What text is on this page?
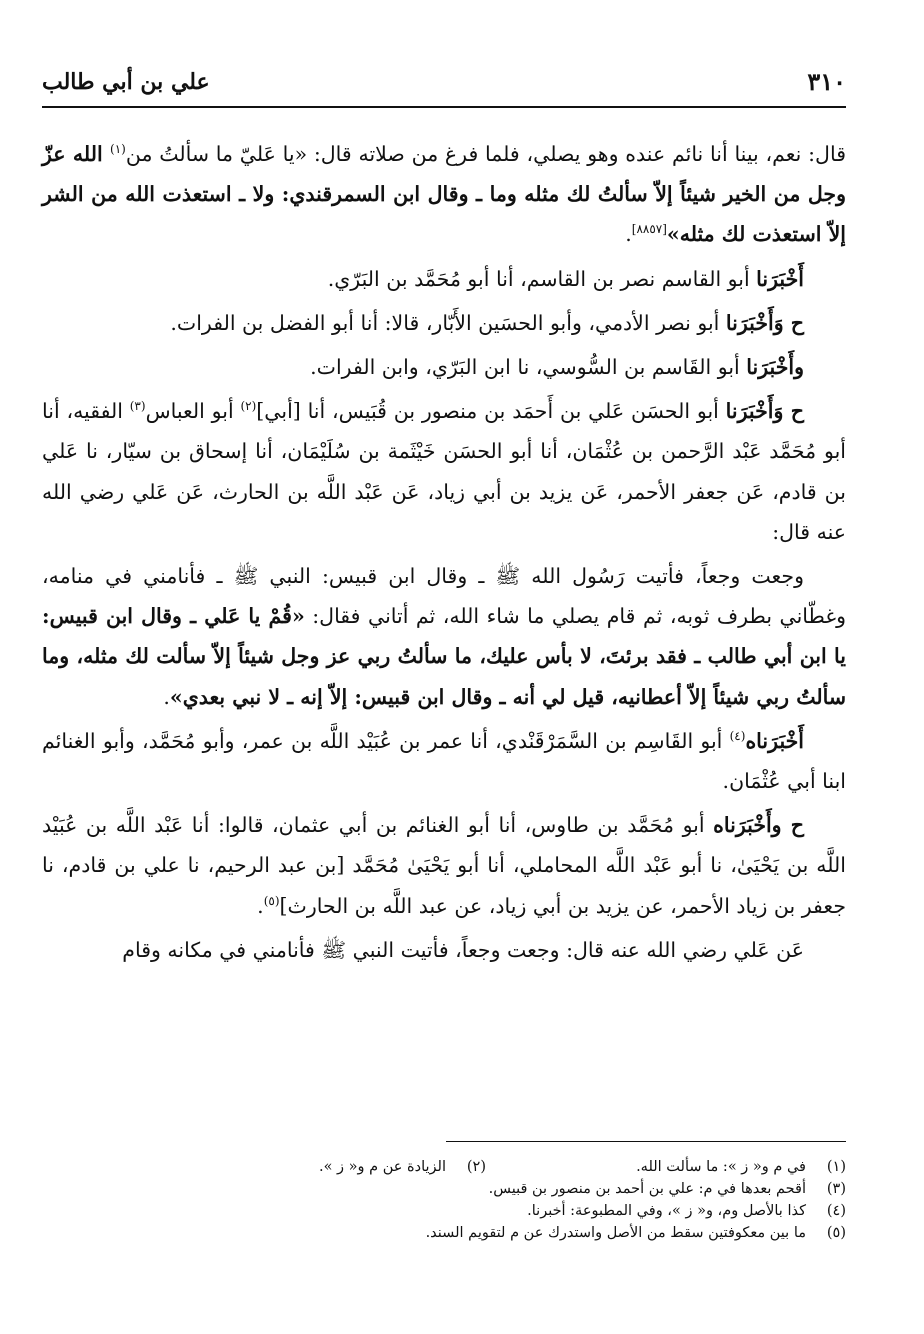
٣١٠
علي بن أبي طالب

قال: نعم، بينا أنا نائم عنده وهو يصلي، فلما فرغ من صلاته قال: «يا عَليّ ما سألتُ من$^{(١)}$ الله عزّ وجل من الخير شيئاً إلاّ سألتُ لك مثله وما ـ وقال ابن السمرقندي: ولا ـ استعذت الله من الشر إلاّ استعذت لك مثله»[٨٨٥٧].

أَخْبَرَنا أبو القاسم نصر بن القاسم، أنا أبو مُحَمَّد بن البَرّي.

ح وَأَخْبَرَنا أبو نصر الأدمي، وأبو الحسَين الأَبّار، قالا: أنا أبو الفضل بن الفرات.

وأَخْبَرَنا أبو القَاسم بن السُّوسي، نا ابن البَرّي، وابن الفرات.

ح وَأَخْبَرَنا أبو الحسَن عَلي بن أَحمَد بن منصور بن قُبَيس، أنا [أبي]$^{(٢)}$ أبو العباس$^{(٣)}$ الفقيه، أنا أبو مُحَمَّد عَبْد الرَّحمن بن عُثْمَان، أنا أبو الحسَن خَيْثَمة بن سُلَيْمَان، أنا إسحاق بن سيّار، نا عَلي بن قادم، عَن جعفر الأحمر، عَن يزيد بن أبي زياد، عَن عَبْد اللَّه بن الحارث، عَن عَلي رضي الله عنه قال:

وجعت وجعاً، فأتيت رَسُول الله ﷺ ـ وقال ابن قبيس: النبي ﷺ ـ فأنامني في منامه، وغطّاني بطرف ثوبه، ثم قام يصلي ما شاء الله، ثم أتاني فقال: «قُمْ يا عَلي ـ وقال ابن قبيس: يا ابن أبي طالب ـ فقد برئتَ، لا بأس عليك، ما سألتُ ربي عز وجل شيئاً إلاّ سألت لك مثله، وما سألتُ ربي شيئاً إلاّ أعطانيه، قيل لي أنه ـ وقال ابن قبيس: إلاّ إنه ـ لا نبي بعدي».

أَخْبَرَناه$^{(٤)}$ أبو القَاسِم بن السَّمَرْقَنْدي، أنا عمر بن عُبَيْد اللَّه بن عمر، وأبو مُحَمَّد، وأبو الغنائم ابنا أبي عُثْمَان.

ح وأَخْبَرَناه أبو مُحَمَّد بن طاوس، أنا أبو الغنائم بن أبي عثمان، قالوا: أنا عَبْد اللَّه بن عُبَيْد اللَّه بن يَحْيَىٰ، نا أبو عَبْد اللَّه المحاملي، أنا أبو يَحْيَىٰ مُحَمَّد [بن عبد الرحيم، نا علي بن قادم، نا جعفر بن زياد الأحمر، عن يزيد بن أبي زياد، عن عبد اللَّه بن الحارث]$^{(٥)}$.

عَن عَلي رضي الله عنه قال: وجعت وجعاً، فأتيت النبي ﷺ فأنامني في مكانه وقام

(١)
في م و« ز »: ما سألت الله.
(٢)
الزيادة عن م و« ز ».
(٣)
أقحم بعدها في م: علي بن أحمد بن منصور بن قبيس.
(٤)
كذا بالأصل وم، و« ز »، وفي المطبوعة: أخبرنا.
(٥)
ما بين معكوفتين سقط من الأصل واستدرك عن م لتقويم السند.
